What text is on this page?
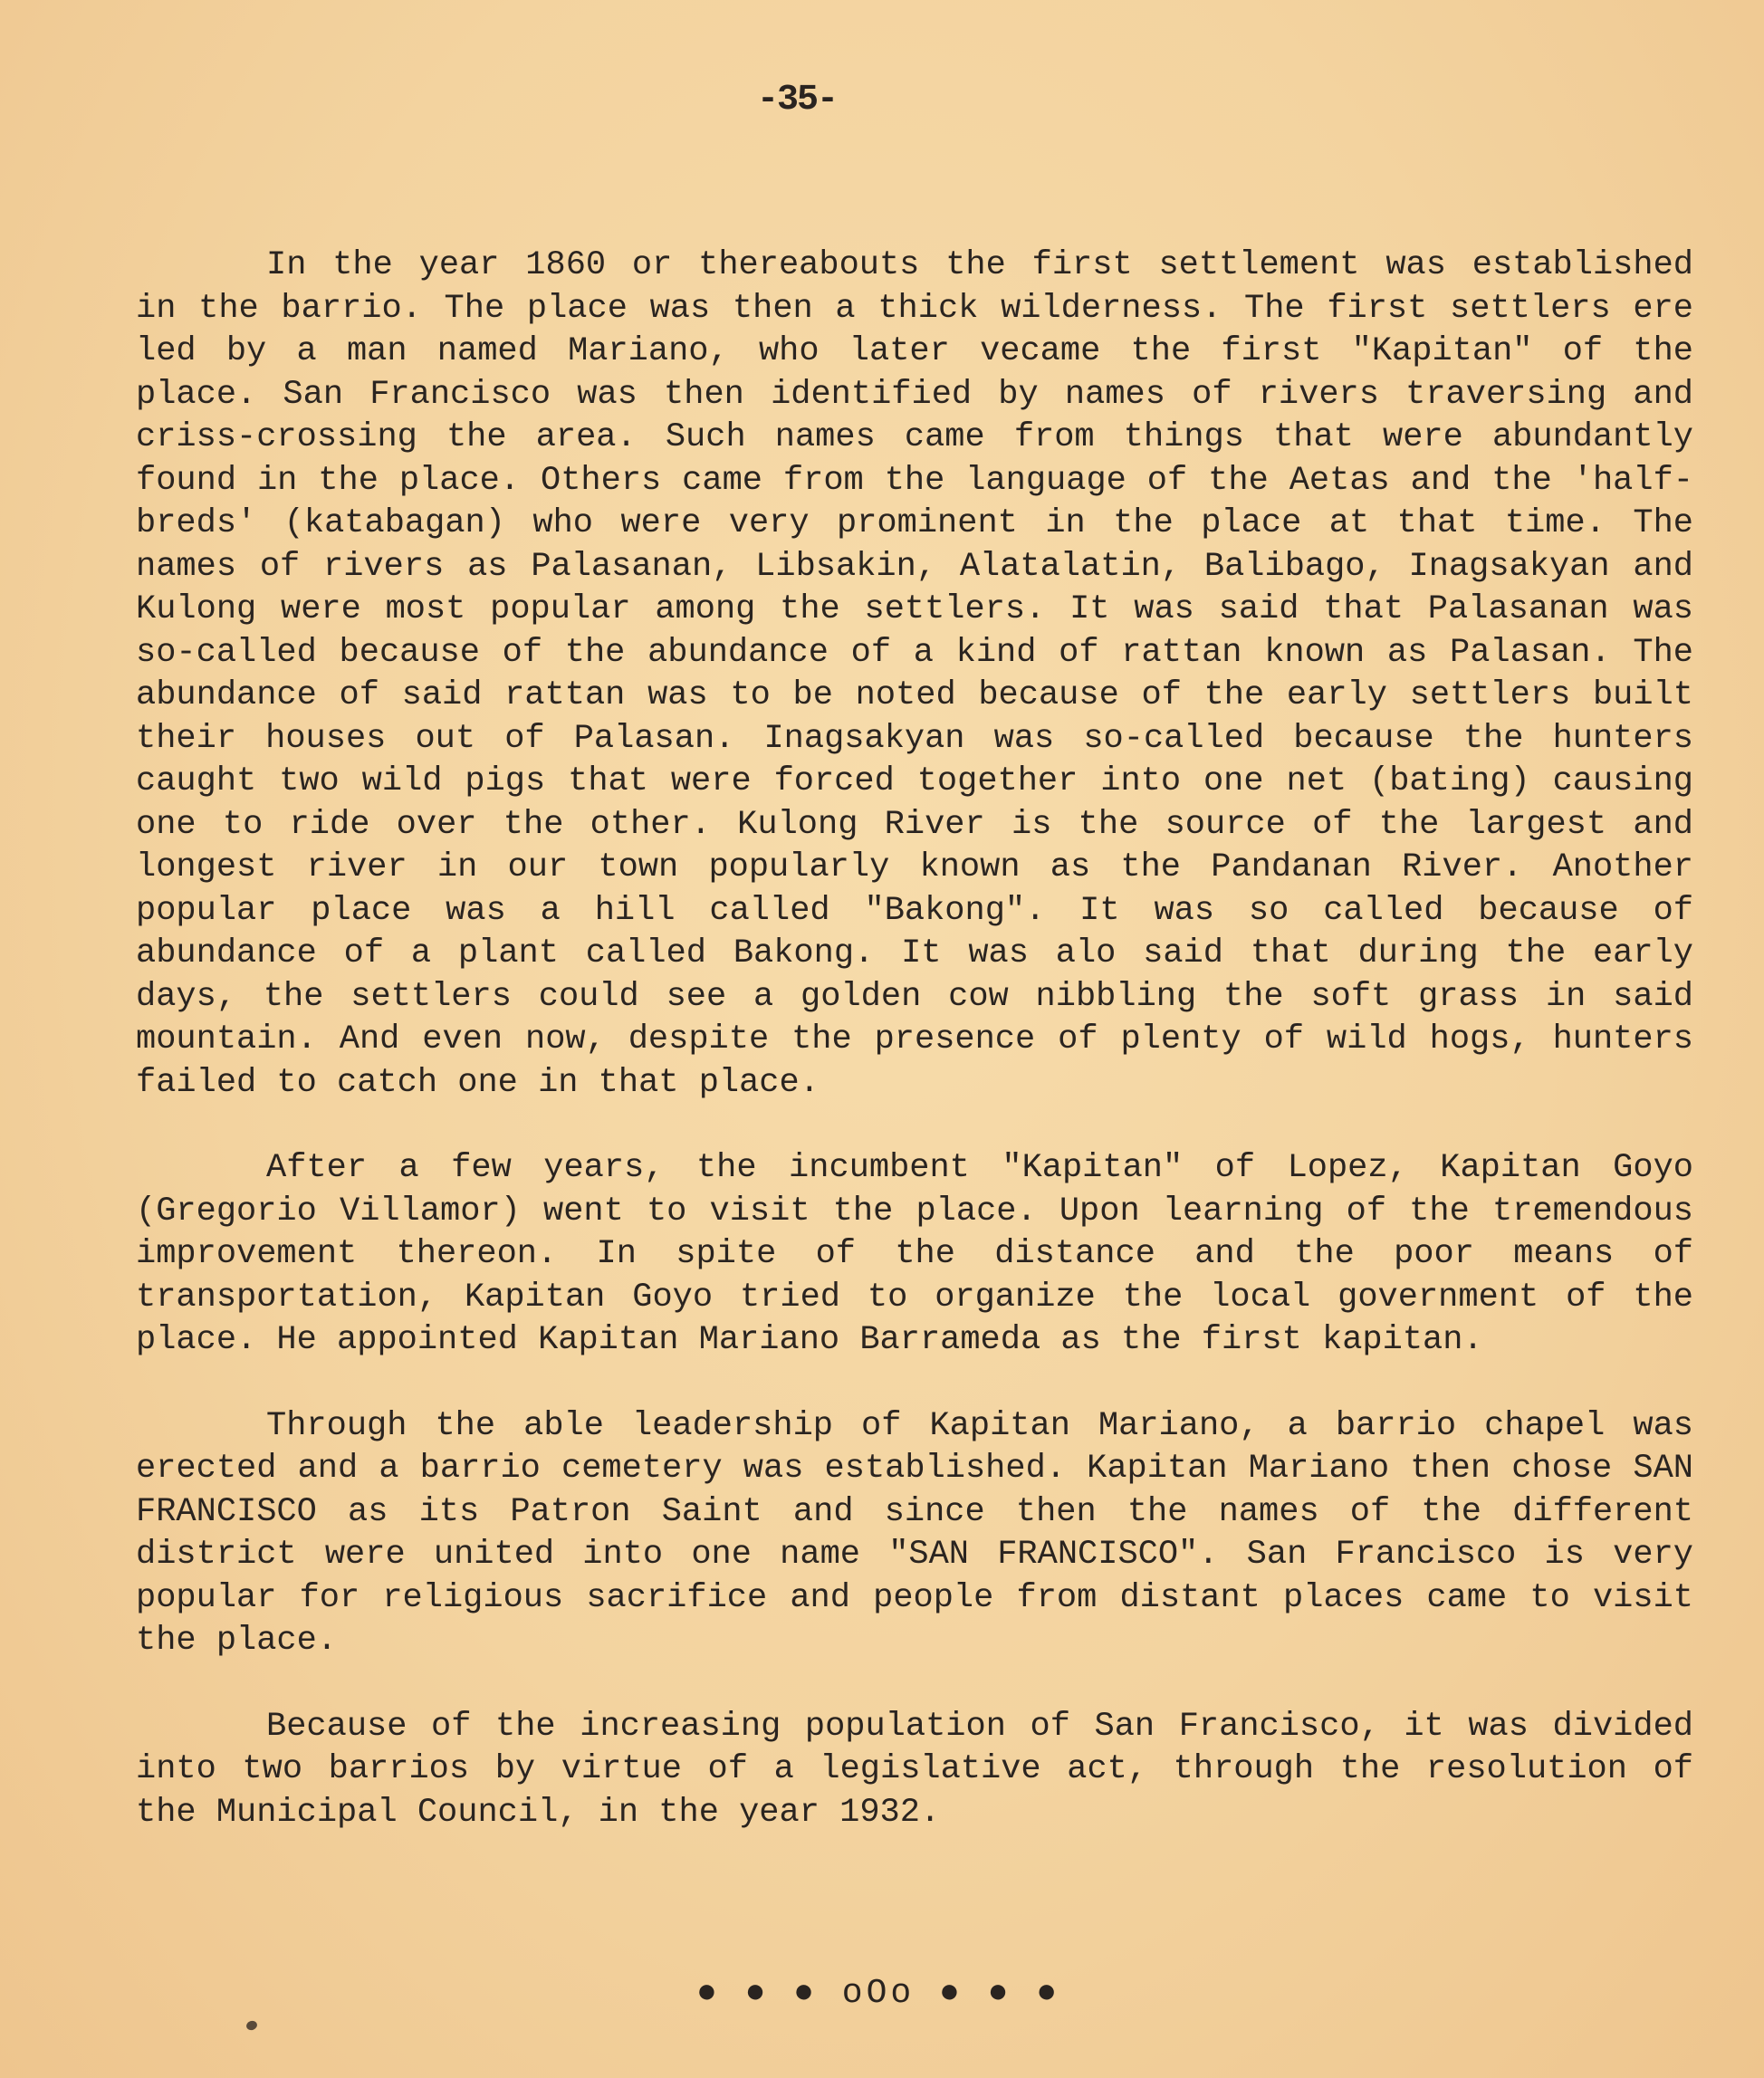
-35-

In the year 1860 or thereabouts the first settlement was established in the barrio. The place was then a thick wilderness. The first settlers ere led by a man named Mariano, who later vecame the first "Kapitan" of the place. San Francisco was then identified by names of rivers traversing and criss-crossing the area. Such names came from things that were abundantly found in the place. Others came from the language of the Aetas and the 'half-breds' (katabagan) who were very prominent in the place at that time. The names of rivers as Palasanan, Libsakin, Alatalatin, Balibago, Inagsakyan and Kulong were most popular among the settlers. It was said that Palasanan was so-called because of the abundance of a kind of rattan known as Palasan. The abundance of said rattan was to be noted because of the early settlers built their houses out of Palasan. Inagsakyan was so-called because the hunters caught two wild pigs that were forced together into one net (bating) causing one to ride over the other. Kulong River is the source of the largest and longest river in our town popularly known as the Pandanan River. Another popular place was a hill called "Bakong". It was so called because of abundance of a plant called Bakong. It was alo said that during the early days, the settlers could see a golden cow nibbling the soft grass in said mountain. And even now, despite the presence of plenty of wild hogs, hunters failed to catch one in that place.

After a few years, the incumbent "Kapitan" of Lopez, Kapitan Goyo (Gregorio Villamor) went to visit the place. Upon learning of the tremendous improvement thereon. In spite of the distance and the poor means of transportation, Kapitan Goyo tried to organize the local government of the place. He appointed Kapitan Mariano Barrameda as the first kapitan.

Through the able leadership of Kapitan Mariano, a barrio chapel was erected and a barrio cemetery was established. Kapitan Mariano then chose SAN FRANCISCO as its Patron Saint and since then the names of the different district were united into one name "SAN FRANCISCO". San Francisco is very popular for religious sacrifice and people from distant places came to visit the place.

Because of the increasing population of San Francisco, it was divided into two barrios by virtue of a legislative act, through the resolution of the Municipal Council, in the year 1932.

● ● ● oOo ● ● ●
